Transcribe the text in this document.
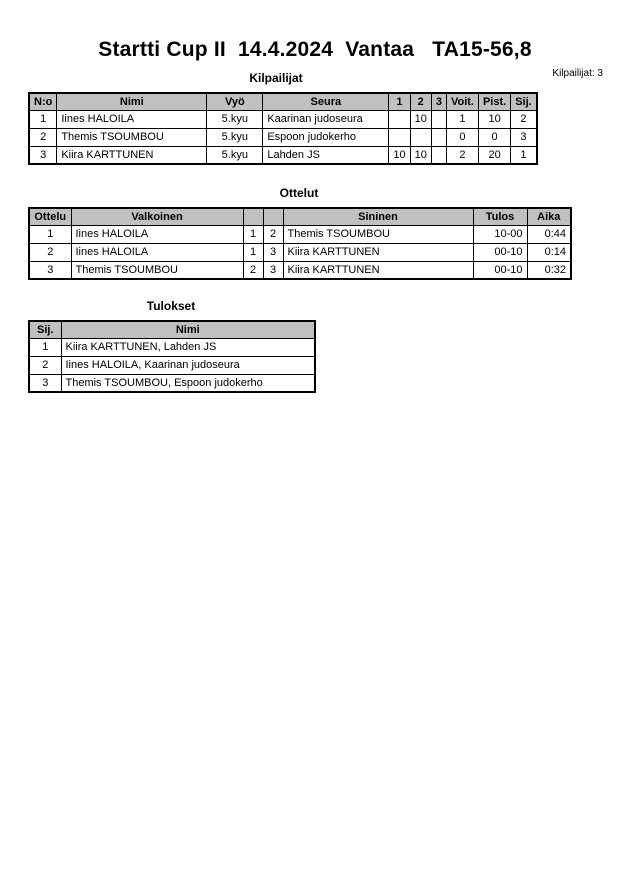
Startti Cup II  14.4.2024  Vantaa   TA15-56,8
Kilpailijat	Kilpailijat: 3
N:o	Nimi	Vyö	Seura	1	2	3	Voit.	Pist.	Sij.
1	Iines HALOILA	5.kyu	Kaarinan judoseura		10		1	10	2
2	Themis TSOUMBOU	5.kyu	Espoon judokerho				0	0	3
3	Kiira KARTTUNEN	5.kyu	Lahden JS	10	10		2	20	1
Ottelut
Ottelu	Valkoinen			Sininen	Tulos	Aika
1	Iines HALOILA	1	2	Themis TSOUMBOU	10-00	0:44
2	Iines HALOILA	1	3	Kiira KARTTUNEN	00-10	0:14
3	Themis TSOUMBOU	2	3	Kiira KARTTUNEN	00-10	0:32
Tulokset
Sij.	Nimi
1	Kiira KARTTUNEN, Lahden JS
2	Iines HALOILA, Kaarinan judoseura
3	Themis TSOUMBOU, Espoon judokerho
